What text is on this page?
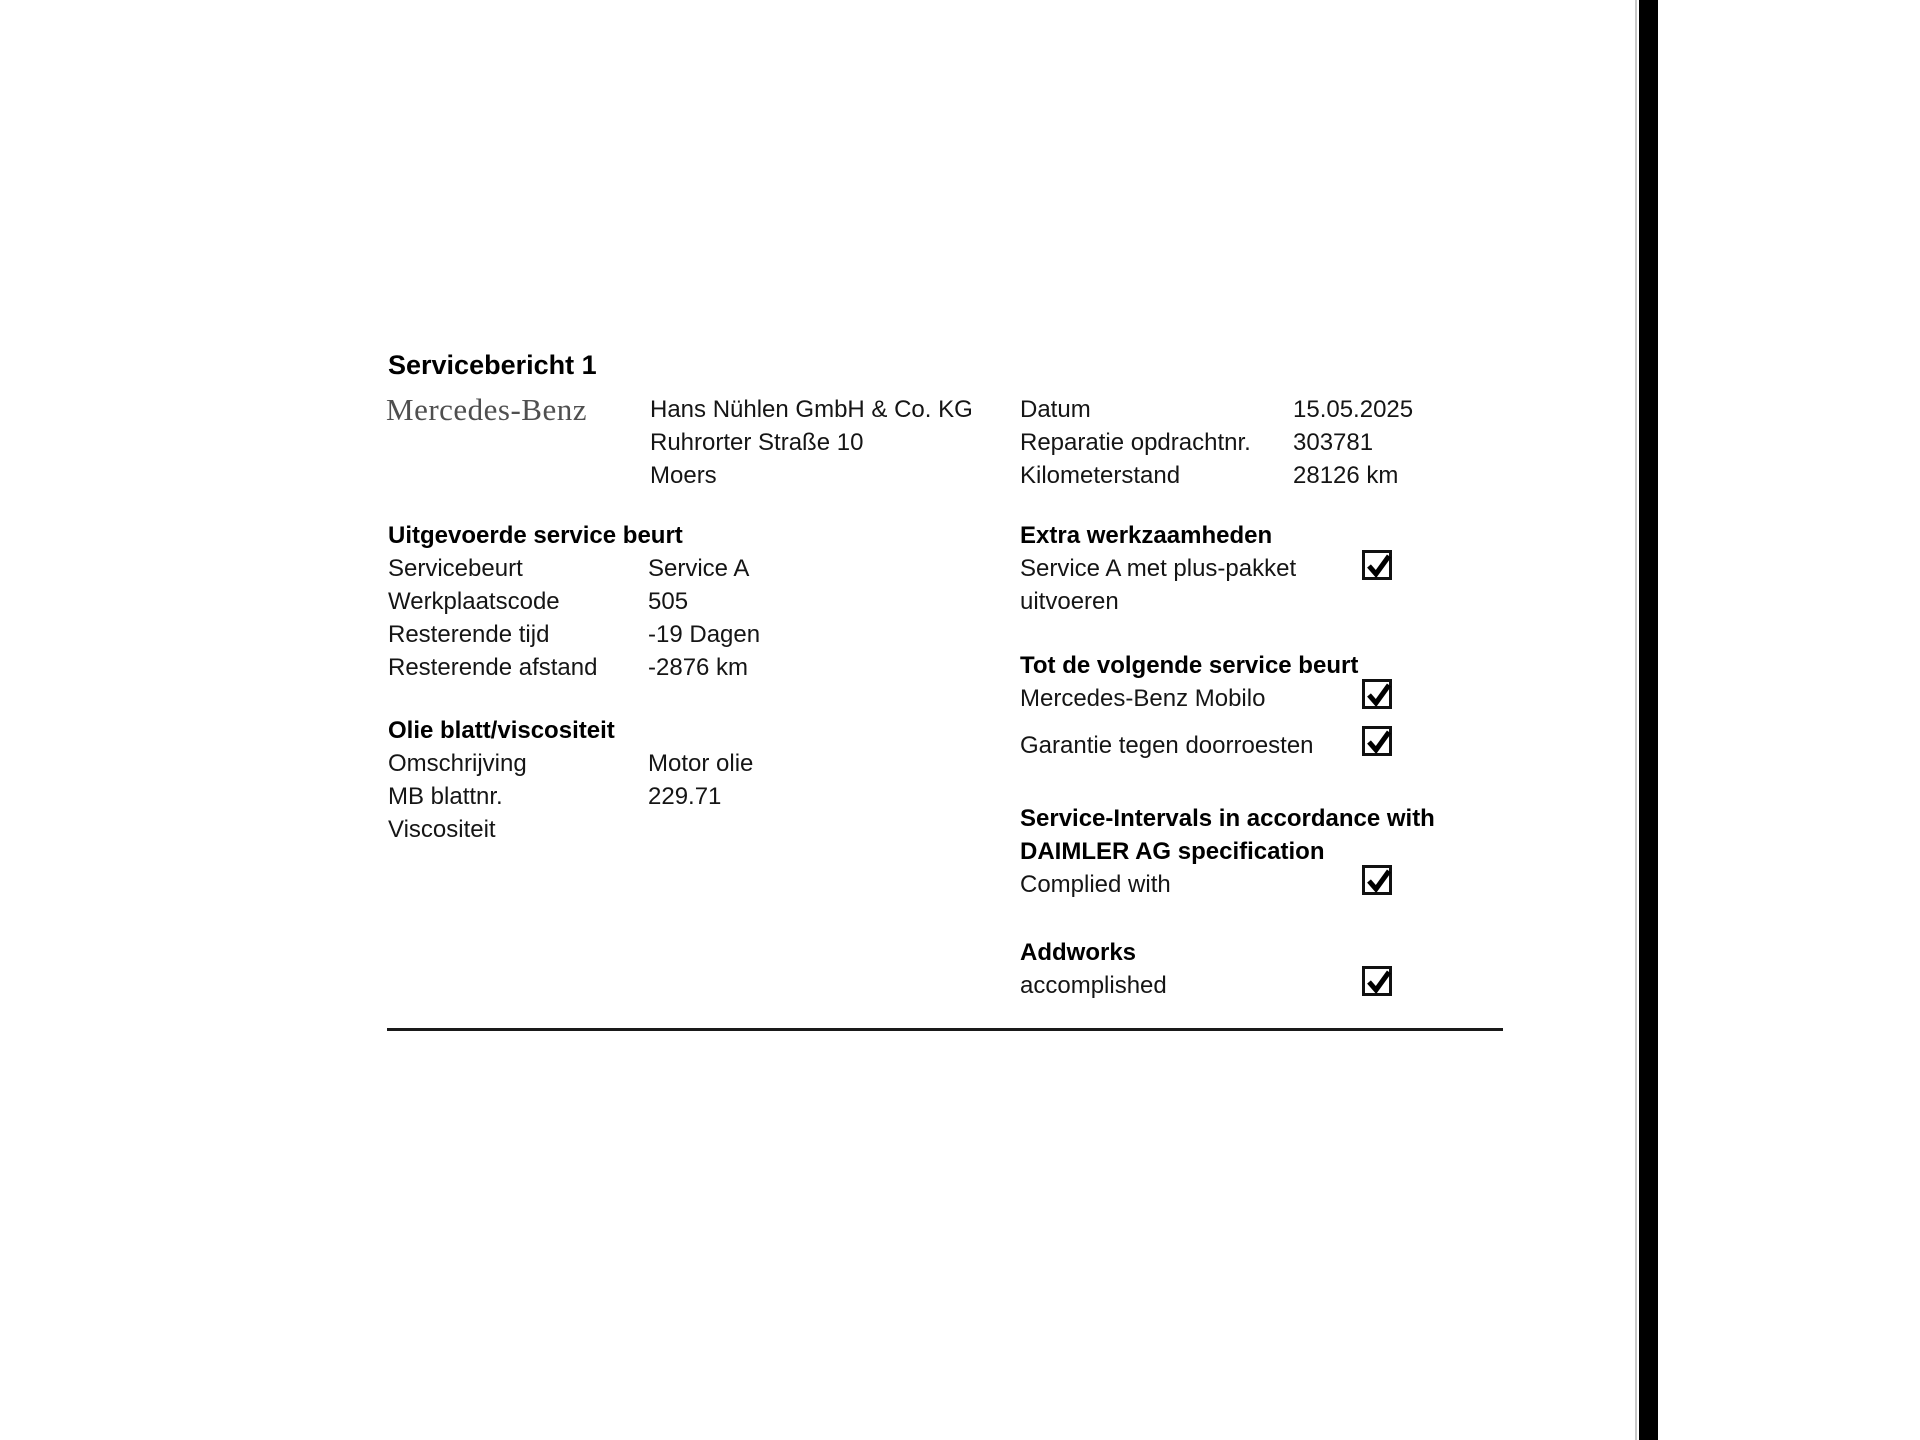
Servicebericht 1
Mercedes-Benz	Hans Nühlen GmbH & Co. KG
Ruhrorter Straße 10
Moers
Datum	15.05.2025
Reparatie opdrachtnr. 303781
Kilometerstand	28126 km
Uitgevoerde service beurt
Servicebeurt	Service A
Werkplaatscode	505
Resterende tijd	-19 Dagen
Resterende afstand -2876 km
Olie blatt/viscositeit
Omschrijving	Motor olie
MB blattnr.	229.71
Viscositeit
Extra werkzaamheden
Service A met plus-pakket uitvoeren
Tot de volgende service beurt
Mercedes-Benz Mobilo
Garantie tegen doorroesten
Service-Intervals in accordance with DAIMLER AG specification
Complied with
Addworks
accomplished
